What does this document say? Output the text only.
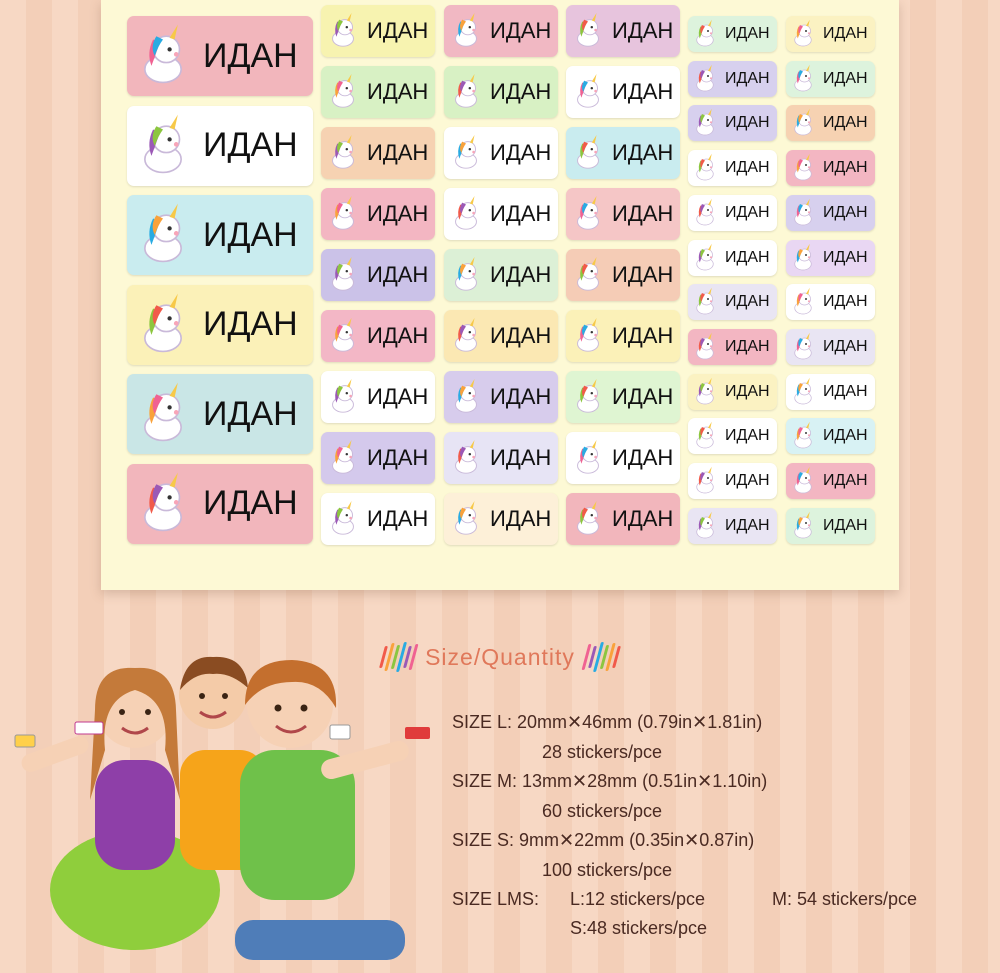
ИДАН
ИДАН
ИДАН
ИДАН
ИДАН
ИДАН
ИДАН	ИДАН	ИДАН
ИДАН	ИДАН	ИДАН
ИДАН	ИДАН	ИДАН
ИДАН	ИДАН	ИДАН
ИДАН	ИДАН	ИДАН
ИДАН	ИДАН	ИДАН
ИДАН	ИДАН	ИДАН
ИДАН	ИДАН	ИДАН
ИДАН	ИДАН	ИДАН
ИДАН	ИДАН
ИДАН	ИДАН
ИДАН	ИДАН
ИДАН	ИДАН
ИДАН	ИДАН
ИДАН	ИДАН
ИДАН	ИДАН
ИДАН	ИДАН
ИДАН	ИДАН
ИДАН	ИДАН
ИДАН	ИДАН
ИДАН	ИДАН
Size/Quantity
SIZE L: 20mm✕46mm (0.79in✕1.81in)
28 stickers/pce
SIZE M: 13mm✕28mm (0.51in✕1.10in)
60 stickers/pce
SIZE S: 9mm✕22mm (0.35in✕0.87in)
100 stickers/pce
SIZE LMS: L:12 stickers/pce	M: 54 stickers/pce
S:48 stickers/pce
